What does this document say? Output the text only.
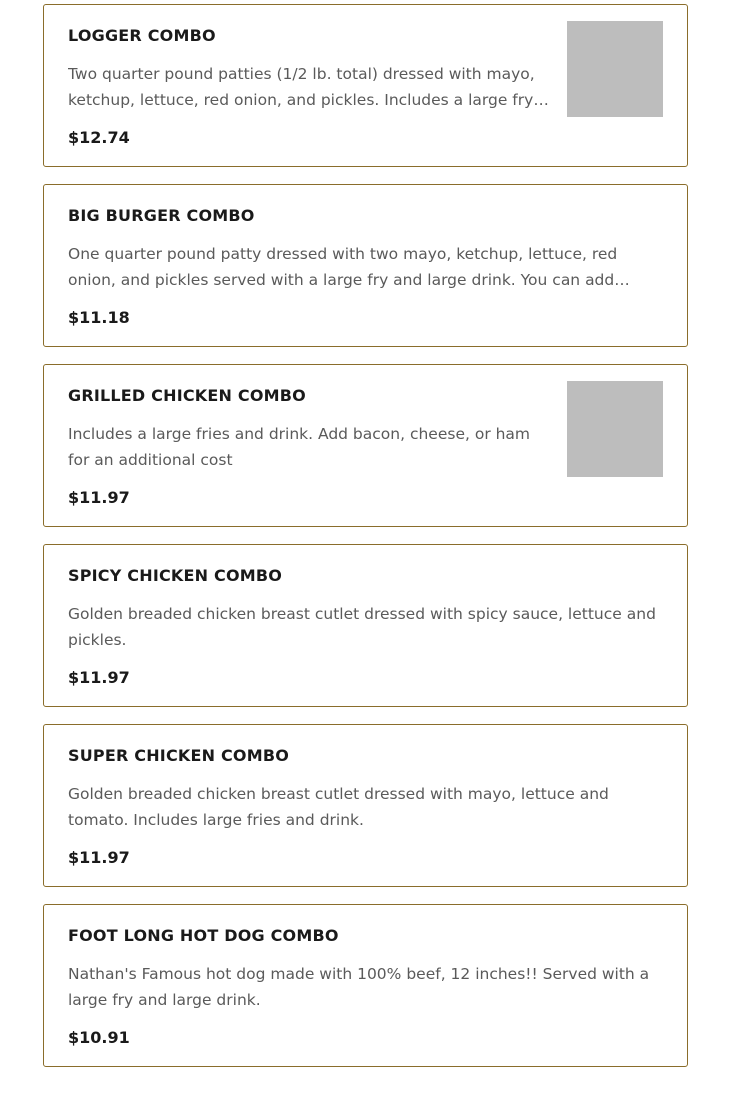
LOGGER COMBO
Two quarter pound patties (1/2 lb. total) dressed with mayo, ketchup, lettuce, red onion, and pickles. Includes a large fry
$12.74
BIG BURGER COMBO
One quarter pound patty dressed with two mayo, ketchup, lettuce, red onion, and pickles served with a large fry and large drink. You can add
$11.18
GRILLED CHICKEN COMBO
Includes a large fries and drink. Add bacon, cheese, or ham for an additional cost
$11.97
SPICY CHICKEN COMBO
Golden breaded chicken breast cutlet dressed with spicy sauce, lettuce and pickles.
$11.97
SUPER CHICKEN COMBO
Golden breaded chicken breast cutlet dressed with mayo, lettuce and tomato. Includes large fries and drink.
$11.97
FOOT LONG HOT DOG COMBO
Nathan's Famous hot dog made with 100% beef, 12 inches!! Served with a large fry and large drink.
$10.91
